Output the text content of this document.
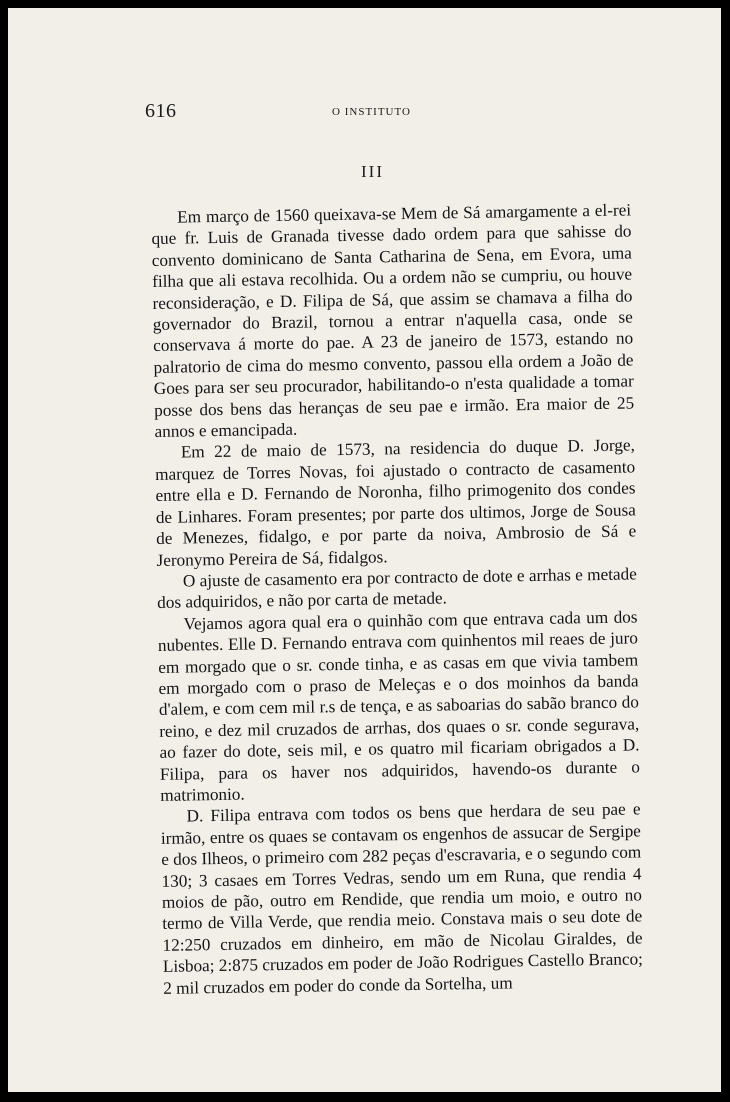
616	O INSTITUTO
III

Em março de 1560 queixava-se Mem de Sá amargamente a el-rei que fr. Luis de Granada tivesse dado ordem para que sahisse do convento dominicano de Santa Catharina de Sena, em Evora, uma filha que ali estava recolhida. Ou a ordem não se cumpriu, ou houve reconsideração, e D. Filipa de Sá, que assim se chamava a filha do governador do Brazil, tornou a entrar n'aquella casa, onde se conservava á morte do pae. A 23 de janeiro de 1573, estando no palratorio de cima do mesmo convento, passou ella ordem a João de Goes para ser seu procurador, habilitando-o n'esta qualidade a tomar posse dos bens das heranças de seu pae e irmão. Era maior de 25 annos e emancipada.

Em 22 de maio de 1573, na residencia do duque D. Jorge, marquez de Torres Novas, foi ajustado o contracto de casamento entre ella e D. Fernando de Noronha, filho primogenito dos condes de Linhares. Foram presentes; por parte dos ultimos, Jorge de Sousa de Menezes, fidalgo, e por parte da noiva, Ambrosio de Sá e Jeronymo Pereira de Sá, fidalgos.

O ajuste de casamento era por contracto de dote e arrhas e metade dos adquiridos, e não por carta de metade.

Vejamos agora qual era o quinhão com que entrava cada um dos nubentes. Elle D. Fernando entrava com quinhentos mil reaes de juro em morgado que o sr. conde tinha, e as casas em que vivia tambem em morgado com o praso de Meleças e o dos moinhos da banda d'alem, e com cem mil r.s de tença, e as saboarias do sabão branco do reino, e dez mil cruzados de arrhas, dos quaes o sr. conde segurava, ao fazer do dote, seis mil, e os quatro mil ficariam obrigados a D. Filipa, para os haver nos adquiridos, havendo-os durante o matrimonio.

D. Filipa entrava com todos os bens que herdara de seu pae e irmão, entre os quaes se contavam os engenhos de assucar de Sergipe e dos Ilheos, o primeiro com 282 peças d'escravaria, e o segundo com 130; 3 casaes em Torres Vedras, sendo um em Runa, que rendia 4 moios de pão, outro em Rendide, que rendia um moio, e outro no termo de Villa Verde, que rendia meio. Constava mais o seu dote de 12:250 cruzados em dinheiro, em mão de Nicolau Giraldes, de Lisboa; 2:875 cruzados em poder de João Rodrigues Castello Branco; 2 mil cruzados em poder do conde da Sortelha, um
